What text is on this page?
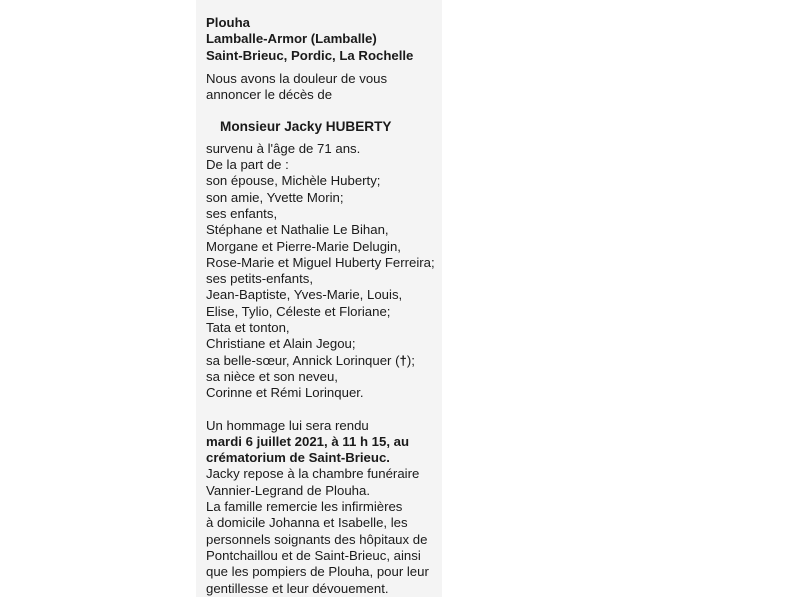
Plouha
Lamballe-Armor (Lamballe)
Saint-Brieuc, Pordic, La Rochelle
Nous avons la douleur de vous
annoncer le décès de
Monsieur Jacky HUBERTY
survenu à l'âge de 71 ans.
De la part de :
son épouse, Michèle Huberty;
son amie, Yvette Morin;
ses enfants,
Stéphane et Nathalie Le Bihan,
Morgane et Pierre-Marie Delugin,
Rose-Marie et Miguel Huberty Ferreira;
ses petits-enfants,
Jean-Baptiste, Yves-Marie, Louis,
Elise, Tylio, Céleste et Floriane;
Tata et tonton,
Christiane et Alain Jegou;
sa belle-sœur, Annick Lorinquer (†);
sa nièce et son neveu,
Corinne et Rémi Lorinquer.
Un hommage lui sera rendu
mardi 6 juillet 2021, à 11 h 15, au
crématorium de Saint-Brieuc.
Jacky repose à la chambre funéraire
Vannier-Legrand de Plouha.
La famille remercie les infirmières
à domicile Johanna et Isabelle, les
personnels soignants des hôpitaux de
Pontchaillou et de Saint-Brieuc, ainsi
que les pompiers de Plouha, pour leur
gentillesse et leur dévouement.
